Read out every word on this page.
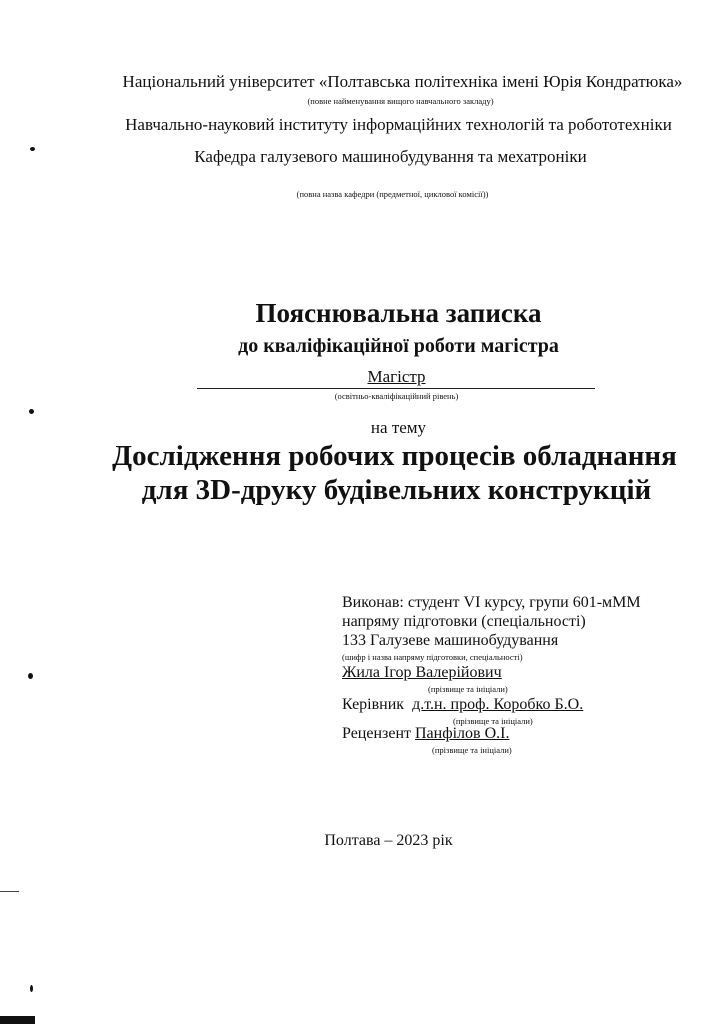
Національний університет «Полтавська політехніка імені Юрія Кондратюка»
(повне найменування вищого навчального закладу)
Навчально-науковий інституту інформаційних технологій та робототехніки
Кафедра галузевого машинобудування та мехатроніки
(повна назва кафедри (предметної, циклової комісії))
Пояснювальна записка
до кваліфікаційної роботи магістра
Магістр
(освітньо-кваліфікаційний рівень)
на тему
Дослідження робочих процесів обладнання
для 3D-друку будівельних конструкцій
Виконав: студент VI курсу, групи 601-мММ
напряму підготовки (спеціальності)
133 Галузеве машинобудування
(шифр і назва напряму підготовки, спеціальності)
Жила Ігор Валерійович
(прізвище та ініціали)
Керівник д.т.н. проф. Коробко Б.О.
(прізвище та ініціали)
Рецензент Панфілов О.І.
(прізвище та ініціали)
Полтава – 2023 рік
